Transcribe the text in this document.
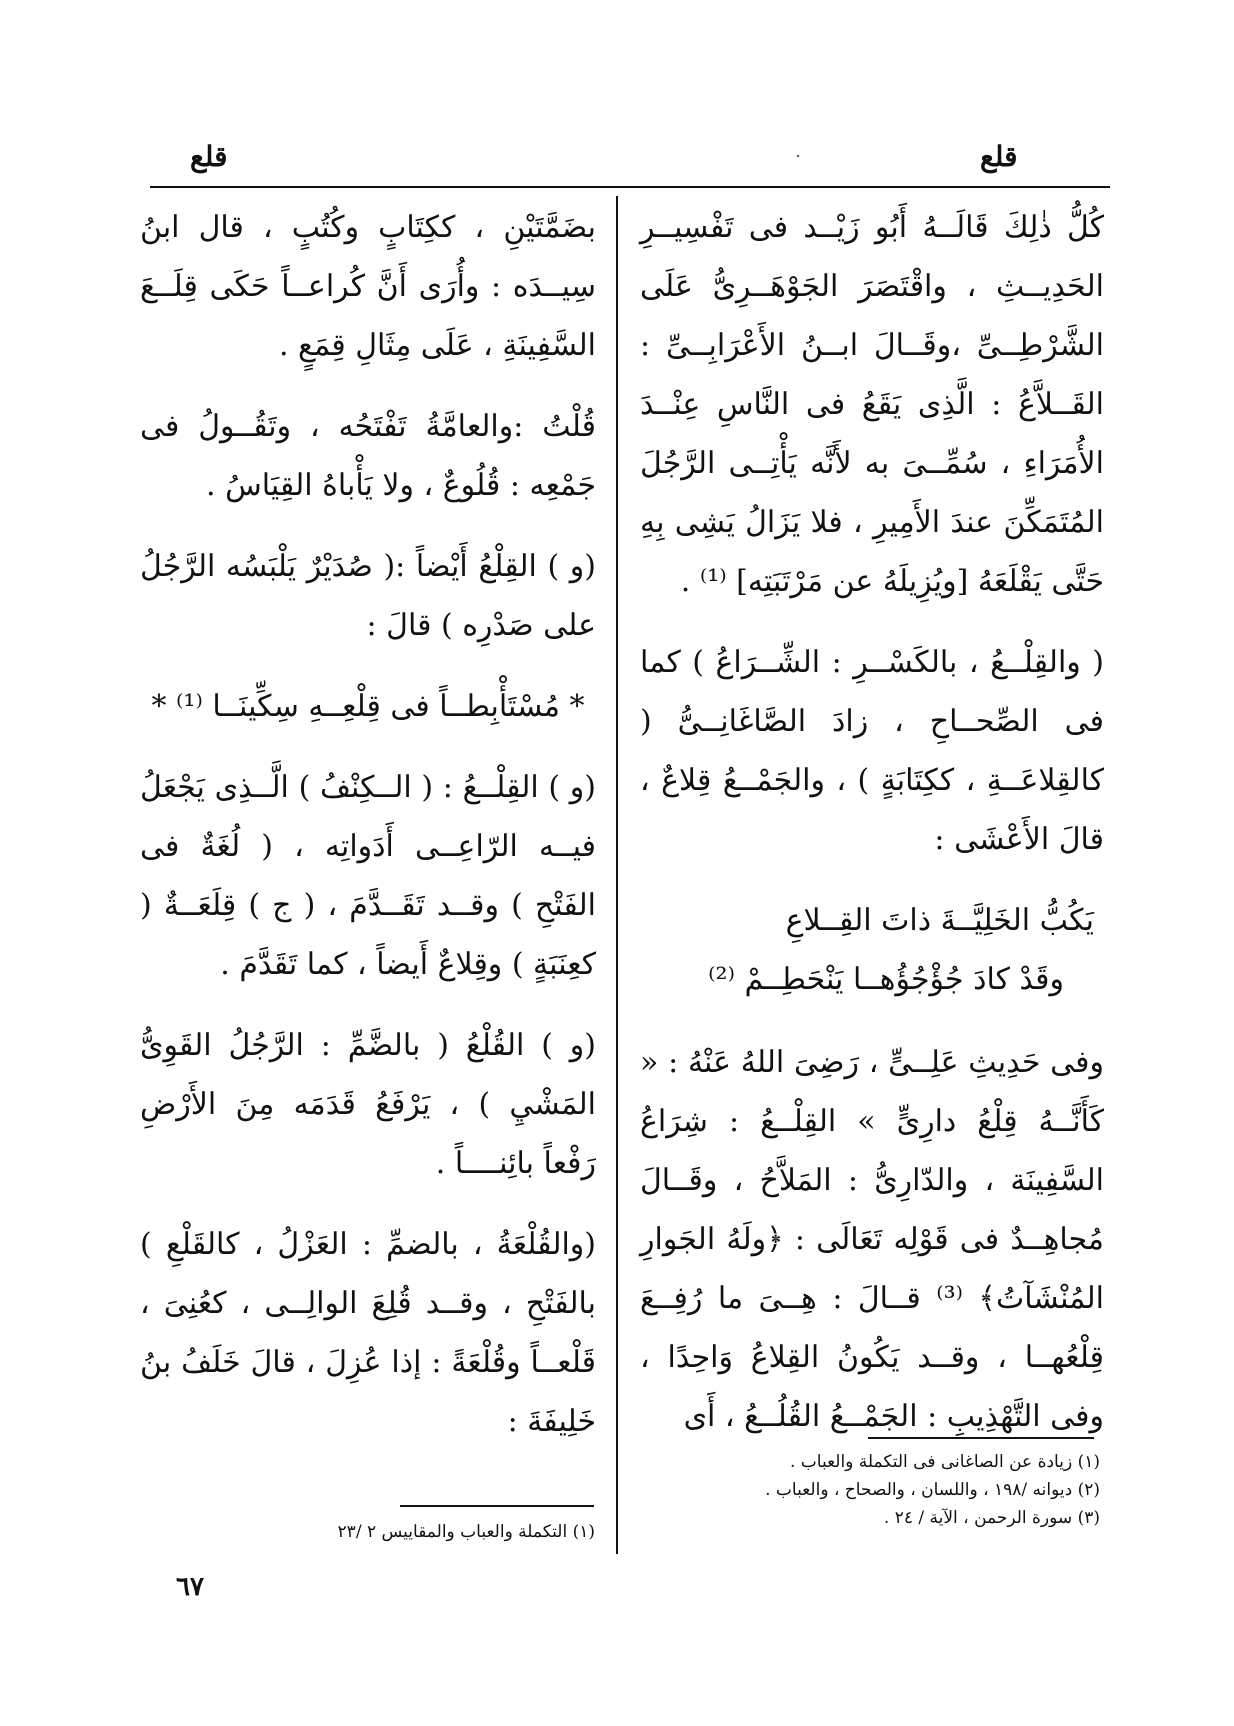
قلع
قلع

كُلُّ ذٰلِكَ قَالَــهُ أَبُو زَيْــد فى تَفْسِيــرِ الحَدِيــثِ ، واقْتَصَرَ الجَوْهَــرِىُّ عَلَى الشَّرْطِــىِّ ،وقَــالَ ابــنُ الأَعْرَابِــىِّ : القَــلاَّعُ : الَّذِى يَقَعُ فى النَّاسِ عِنْــدَ الأُمَرَاءِ ، سُمِّــىَ به لأَنَّه يَأْتِــى الرَّجُلَ المُتَمَكِّنَ عندَ الأَمِيرِ ، فلا يَزَالُ يَشِى بِهِ حَتَّى يَقْلَعَهُ [ويُزِيلَهُ عن مَرْتَبَتِه] ⁽¹⁾ .

( والقِلْــعُ ، بالكَسْــرِ : الشِّــرَاعُ ) كما فى الصِّحــاحِ ، زادَ الصَّاغَانِــىُّ ( كالقِلاعَــةِ ، ككِتَابَةٍ ) ، والجَمْــعُ قِلاعٌ ، قالَ الأَعْشَى :

يَكُبُّ الخَلِيَّــةَ ذاتَ القِــلاعِ
وقَدْ كادَ جُؤْجُؤُهــا يَنْحَطِــمْ ⁽²⁾

وفى حَدِيثِ عَلِــىٍّ ، رَضِىَ اللهُ عَنْهُ : « كَأَنَّــهُ قِلْعُ دارِىٍّ » القِلْــعُ : شِرَاعُ السَّفِينَة ، والدّارِىُّ : المَلاَّحُ ، وقَــالَ مُجاهِــدٌ فى قَوْلِه تَعَالَى : ﴿ولَهُ الجَوارِ المُنْشَآتُ﴾ ⁽³⁾ قــالَ : هِــىَ ما رُفِــعَ قِلْعُهــا ، وقــد يَكُونُ القِلاعُ وَاحِدًا ، وفى التَّهْذِيبِ : الجَمْــعُ القُلُــعُ ، أَى

بضَمَّتَيْنِ ، ككِتَابٍ وكُتُبٍ ، قال ابنُ سِيــدَه : وأُرَى أَنَّ كُراعــاً حَكَى قِلَــعَ السَّفِينَةِ ، عَلَى مِثَالِ قِمَعٍ .

قُلْتُ :والعامَّةُ تَفْتَحُه ، وتَقُــولُ فى جَمْعِه : قُلُوعٌ ، ولا يَأْباهُ القِيَاسُ .

(و ) القِلْعُ أَيْضاً :( صُدَيْرٌ يَلْبَسُه الرَّجُلُ على صَدْرِه ) قالَ :

* مُسْتَأْبِطــاً فى قِلْعِــهِ سِكِّينَــا ⁽¹⁾ *

(و ) القِلْــعُ : ( الــكِنْفُ ) الَّــذِى يَجْعَلُ فيــه الرّاعِــى أَدَواتِه ، ( لُغَةٌ فى الفَتْحِ ) وقــد تَقَــدَّمَ ، ( ج ) قِلَعَــةٌ ( كعِنَبَةٍ ) وقِلاعٌ أَيضاً ، كما تَقَدَّمَ .

(و ) القُلْعُ ( بالضَّمِّ : الرَّجُلُ القَوِىُّ المَشْيِ ) ، يَرْفَعُ قَدَمَه مِنَ الأَرْضِ رَفْعاً بائِنــــاً .

(والقُلْعَةُ ، بالضمِّ : العَزْلُ ، كالقَلْعِ ) بالفَتْحِ ، وقــد قُلِعَ الوالِــى ، كعُنِىَ ، قَلْعــاً وقُلْعَةً : إذا عُزِلَ ، قالَ خَلَفُ بنُ خَلِيفَةَ :

(١) زيادة عن الصاغانى فى التكملة والعباب .
(٢) ديوانه /١٩٨ ، واللسان ، والصحاح ، والعباب .
(٣) سورة الرحمن ، الآية / ٢٤ .
(١) التكملة والعباب والمقاييس ٢ /٢٣
٦٧
